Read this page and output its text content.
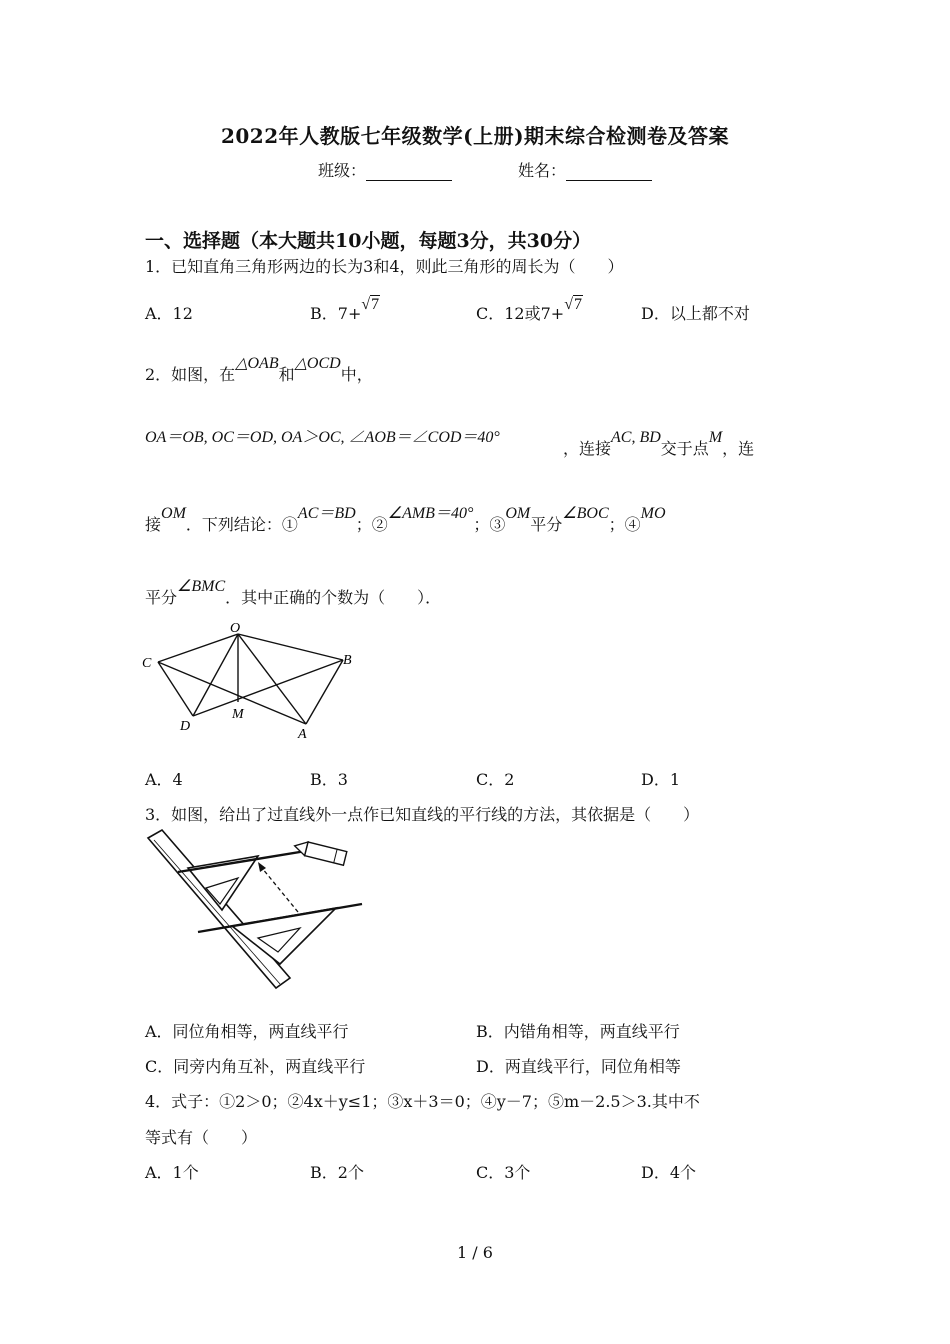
2022年人教版七年级数学(上册)期末综合检测卷及答案
班级：	姓名：
一、选择题（本大题共10小题，每题3分，共30分）
1．已知直角三角形两边的长为3和4，则此三角形的周长为（　　）
A．12	B．7+√7	C．12或7+√7	D．以上都不对
2．如图，在△OAB和△OCD中，
OA＝OB, OC＝OD, OA＞OC, ∠AOB＝∠COD＝40°
，连接AC, BD交于点M，连
接OM．下列结论：①AC＝BD；②∠AMB＝40°；③OM平分∠BOC；④MO
平分∠BMC．其中正确的个数为（　　）．
O
C	B
D
M
A
A．4	B．3	C．2	D．1
3．如图，给出了过直线外一点作已知直线的平行线的方法，其依据是（　　）
A．同位角相等，两直线平行	B．内错角相等，两直线平行
C．同旁内角互补，两直线平行	D．两直线平行，同位角相等
4．式子：①2＞0；②4x＋y≤1；③x＋3＝0；④y－7；⑤m－2.5＞3.其中不
等式有（　　）
A．1个	B．2个	C．3个	D．4个
1 / 6
